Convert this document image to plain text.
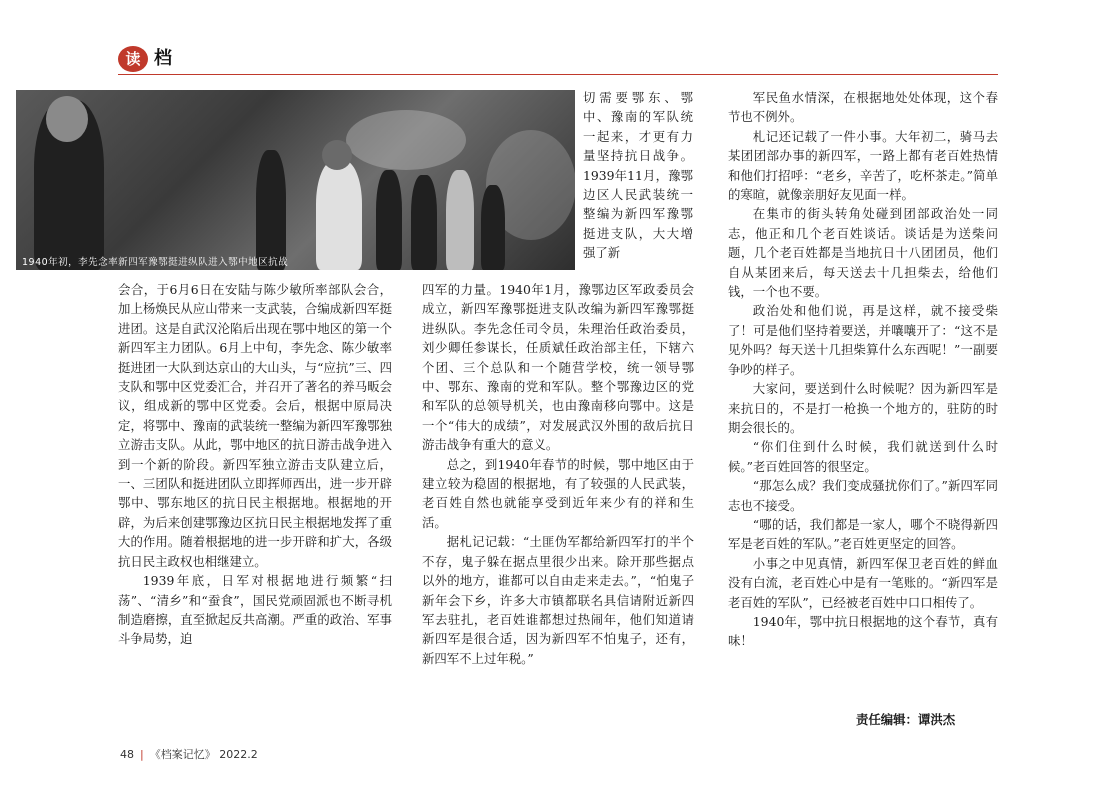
读 档
1940年初，李先念率新四军豫鄂挺进纵队进入鄂中地区抗战

切需要鄂东、鄂中、豫南的军队统一起来，才更有力量坚持抗日战争。1939年11月，豫鄂边区人民武装统一整编为新四军豫鄂挺进支队，大大增强了新

会合，于6月6日在安陆与陈少敏所率部队会合，加上杨焕民从应山带来一支武装，合编成新四军挺进团。这是自武汉沦陷后出现在鄂中地区的第一个新四军主力团队。6月上中旬，李先念、陈少敏率挺进团一大队到达京山的大山头，与“应抗”三、四支队和鄂中区党委汇合，并召开了著名的养马畈会议，组成新的鄂中区党委。会后，根据中原局决定，将鄂中、豫南的武装统一整编为新四军豫鄂独立游击支队。从此，鄂中地区的抗日游击战争进入到一个新的阶段。新四军独立游击支队建立后，一、三团队和挺进团队立即挥师西出，进一步开辟鄂中、鄂东地区的抗日民主根据地。根据地的开辟，为后来创建鄂豫边区抗日民主根据地发挥了重大的作用。随着根据地的进一步开辟和扩大，各级抗日民主政权也相继建立。

1939年底，日军对根据地进行频繁“扫荡”、“清乡”和“蚕食”，国民党顽固派也不断寻机制造磨擦，直至掀起反共高潮。严重的政治、军事斗争局势，迫

四军的力量。1940年1月，豫鄂边区军政委员会成立，新四军豫鄂挺进支队改编为新四军豫鄂挺进纵队。李先念任司令员，朱理治任政治委员，刘少卿任参谋长，任质斌任政治部主任，下辖六个团、三个总队和一个随营学校，统一领导鄂中、鄂东、豫南的党和军队。整个鄂豫边区的党和军队的总领导机关，也由豫南移向鄂中。这是一个“伟大的成绩”，对发展武汉外围的敌后抗日游击战争有重大的意义。

总之，到1940年春节的时候，鄂中地区由于建立较为稳固的根据地，有了较强的人民武装，老百姓自然也就能享受到近年来少有的祥和生活。

据札记记载：“土匪伪军都给新四军打的半个不存，鬼子躲在据点里很少出来。除开那些据点以外的地方，谁都可以自由走来走去。”，“怕鬼子新年会下乡，许多大市镇都联名具信请附近新四军去驻扎，老百姓谁都想过热闹年，他们知道请新四军是很合适，因为新四军不怕鬼子，还有，新四军不上过年税。”

军民鱼水情深，在根据地处处体现，这个春节也不例外。

札记还记载了一件小事。大年初二，骑马去某团团部办事的新四军，一路上都有老百姓热情和他们打招呼：“老乡，辛苦了，吃杯茶走。”简单的寒暄，就像亲朋好友见面一样。

在集市的街头转角处碰到团部政治处一同志，他正和几个老百姓谈话。谈话是为送柴问题，几个老百姓都是当地抗日十八团团员，他们自从某团来后，每天送去十几担柴去，给他们钱，一个也不要。

政治处和他们说，再是这样，就不接受柴了！可是他们坚持着要送，并嚷嚷开了：“这不是见外吗？每天送十几担柴算什么东西呢！”一副要争吵的样子。

大家问，要送到什么时候呢？因为新四军是来抗日的，不是打一枪换一个地方的，驻防的时期会很长的。

“你们住到什么时候，我们就送到什么时候。”老百姓回答的很坚定。

“那怎么成？我们变成骚扰你们了。”新四军同志也不接受。

“哪的话，我们都是一家人，哪个不晓得新四军是老百姓的军队。”老百姓更坚定的回答。

小事之中见真情，新四军保卫老百姓的鲜血没有白流，老百姓心中是有一笔账的。“新四军是老百姓的军队”，已经被老百姓中口口相传了。

1940年，鄂中抗日根据地的这个春节，真有味！

责任编辑：谭洪杰
48 | 《档案记忆》 2022.2
